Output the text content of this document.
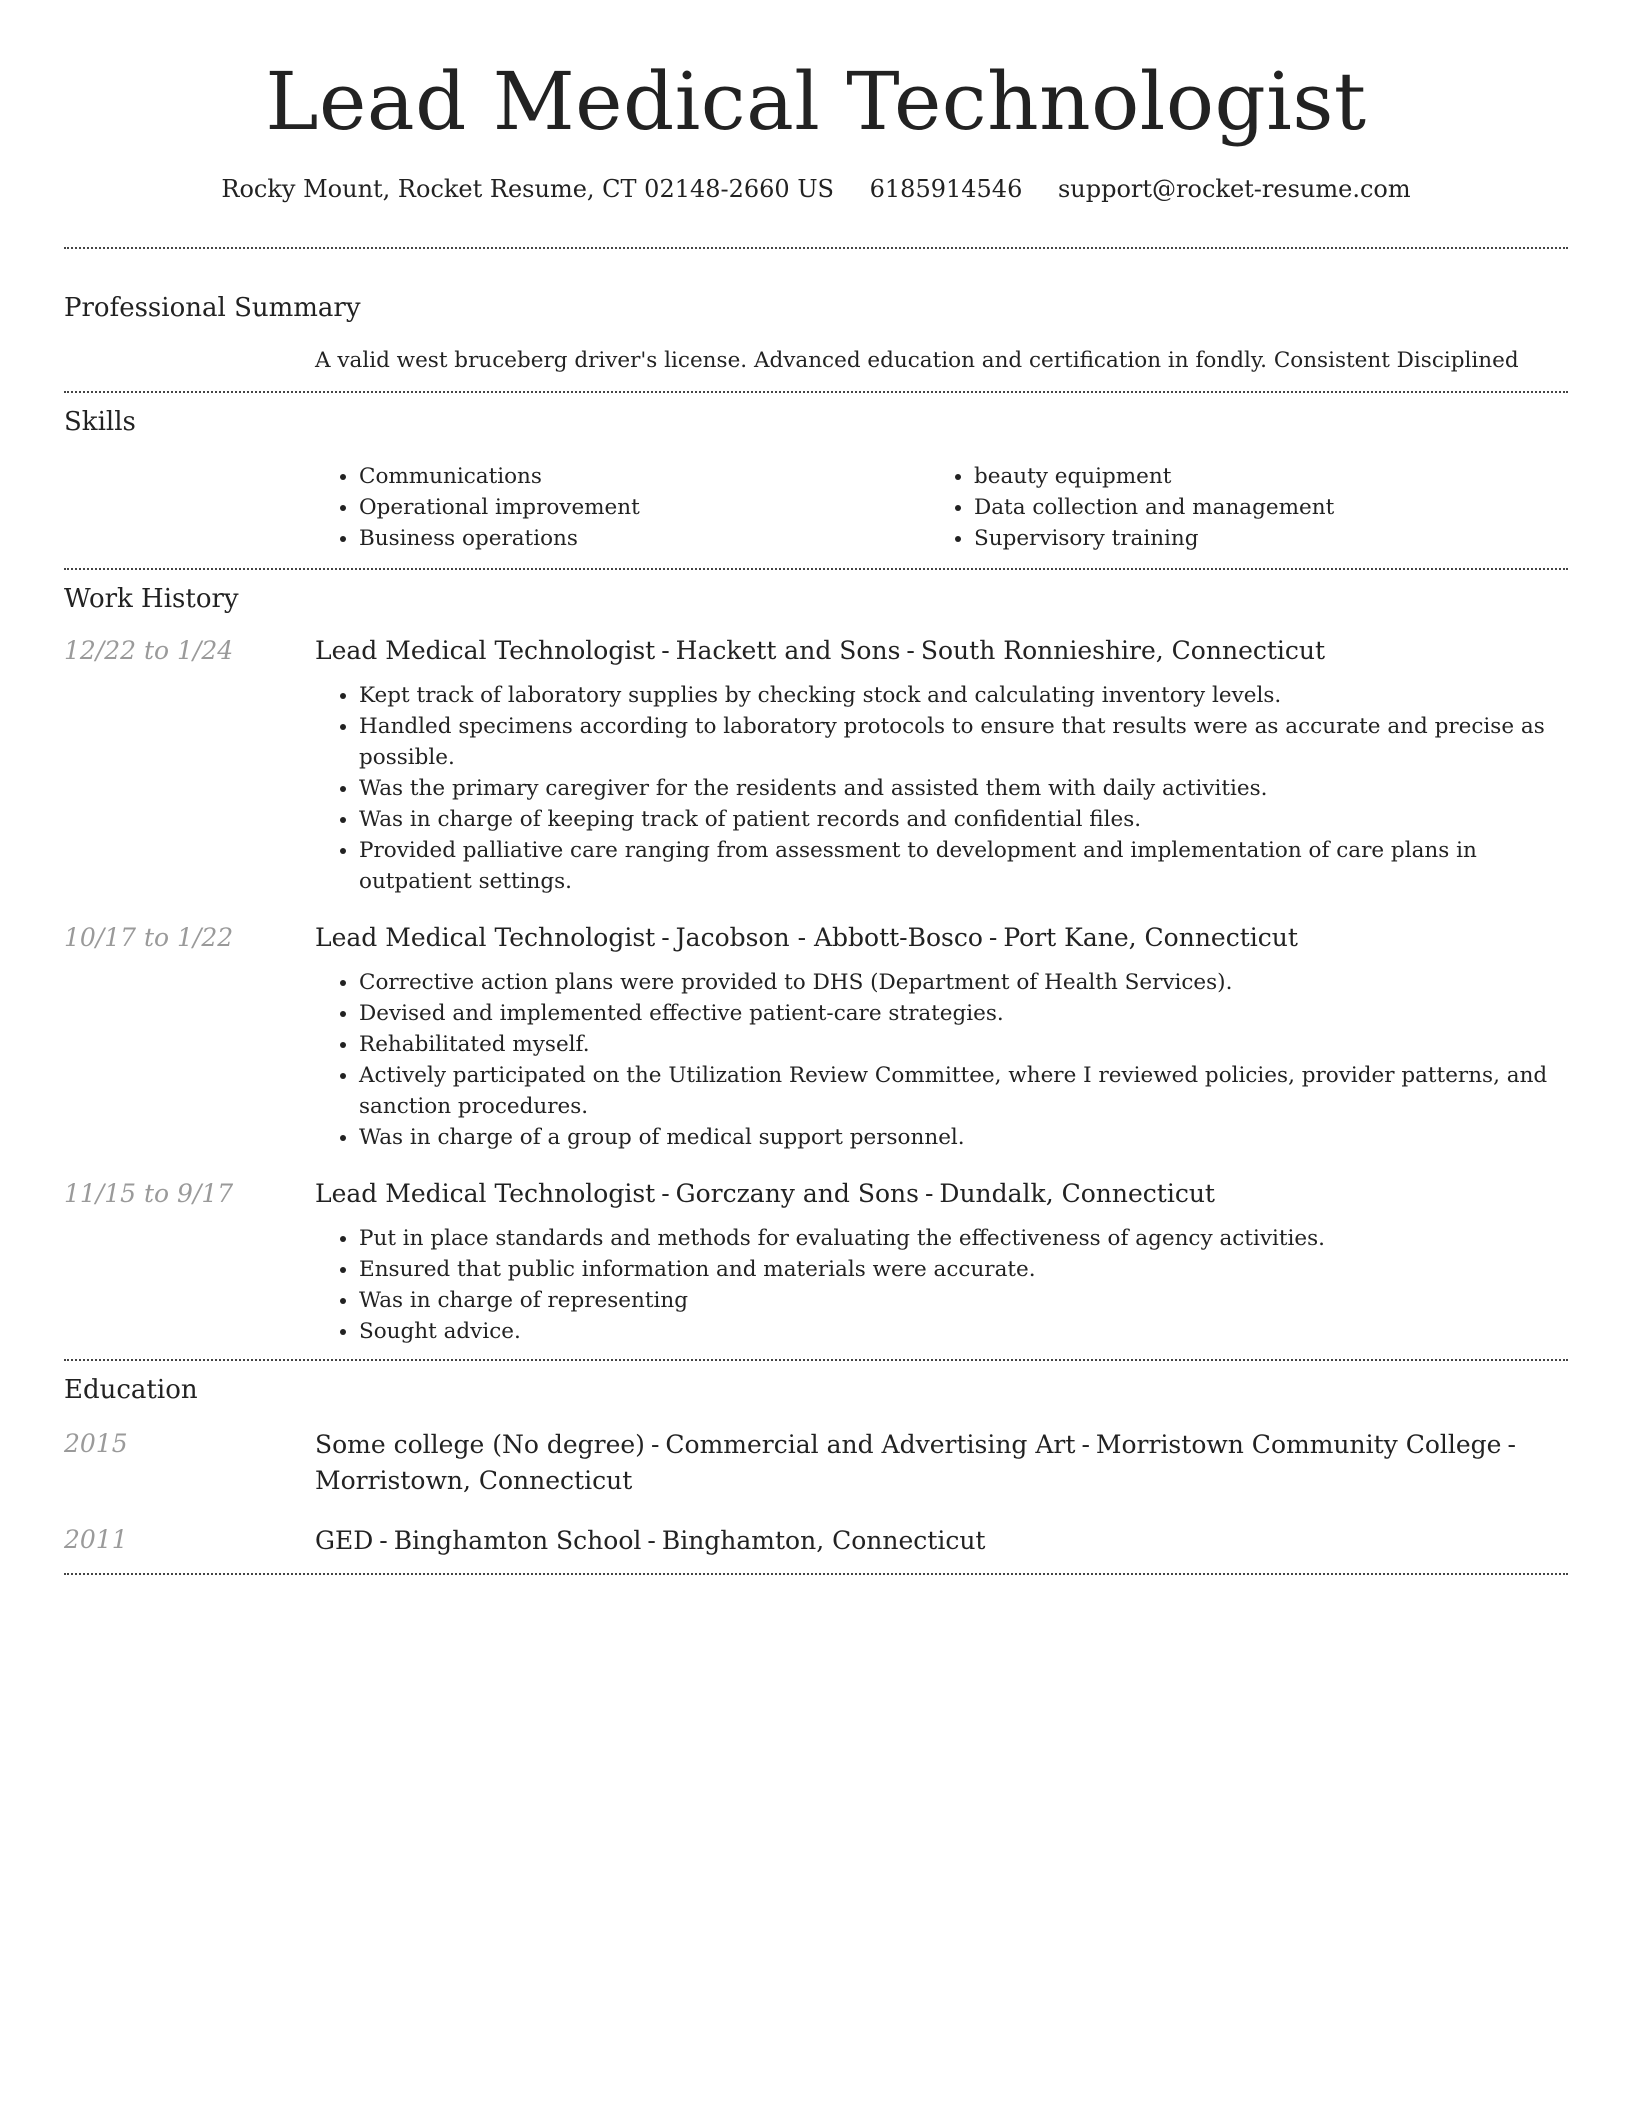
Lead Medical Technologist
Rocky Mount, Rocket Resume, CT 02148-2660 US 6185914546 support@rocket-resume.com
Professional Summary
A valid west bruceberg driver's license. Advanced education and certification in fondly. Consistent Disciplined
Skills
• Communications
• Operational improvement
• Business operations
• beauty equipment
• Data collection and management
• Supervisory training
Work History
12/22 to 1/24	Lead Medical Technologist - Hackett and Sons - South Ronnieshire, Connecticut
• Kept track of laboratory supplies by checking stock and calculating inventory levels.
• Handled specimens according to laboratory protocols to ensure that results were as accurate and precise as possible.
• Was the primary caregiver for the residents and assisted them with daily activities.
• Was in charge of keeping track of patient records and confidential files.
• Provided palliative care ranging from assessment to development and implementation of care plans in outpatient settings.
10/17 to 1/22	Lead Medical Technologist - Jacobson - Abbott-Bosco - Port Kane, Connecticut
• Corrective action plans were provided to DHS (Department of Health Services).
• Devised and implemented effective patient-care strategies.
• Rehabilitated myself.
• Actively participated on the Utilization Review Committee, where I reviewed policies, provider patterns, and sanction procedures.
• Was in charge of a group of medical support personnel.
11/15 to 9/17	Lead Medical Technologist - Gorczany and Sons - Dundalk, Connecticut
• Put in place standards and methods for evaluating the effectiveness of agency activities.
• Ensured that public information and materials were accurate.
• Was in charge of representing
• Sought advice.
Education
2015	Some college (No degree) - Commercial and Advertising Art - Morristown Community College -
Morristown, Connecticut
2011	GED - Binghamton School - Binghamton, Connecticut
